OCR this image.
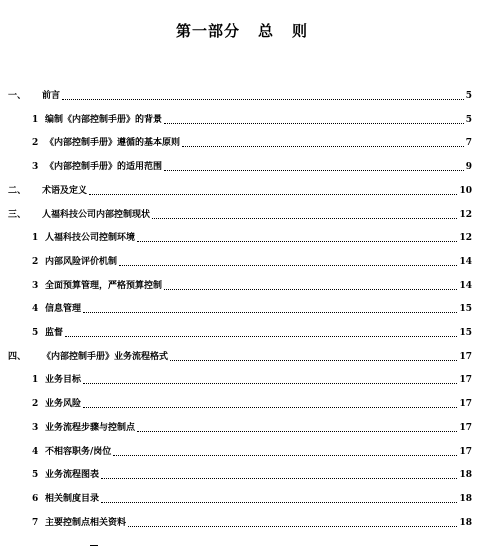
第一部分 总 则
一、 前言	5
1 编制《内部控制手册》的背景	5
2 《内部控制手册》遵循的基本原则	7
3 《内部控制手册》的适用范围	9
二、 术语及定义	10
三、 人福科技公司内部控制现状	12
1 人福科技公司控制环境	12
2 内部风险评价机制	14
3 全面预算管理，严格预算控制	14
4 信息管理	15
5 监督	15
四、 《内部控制手册》业务流程格式	17
1 业务目标	17
2 业务风险	17
3 业务流程步骤与控制点	17
4 不相容职务/岗位	17
5 业务流程图表	18
6 相关制度目录	18
7 主要控制点相关资料	18
